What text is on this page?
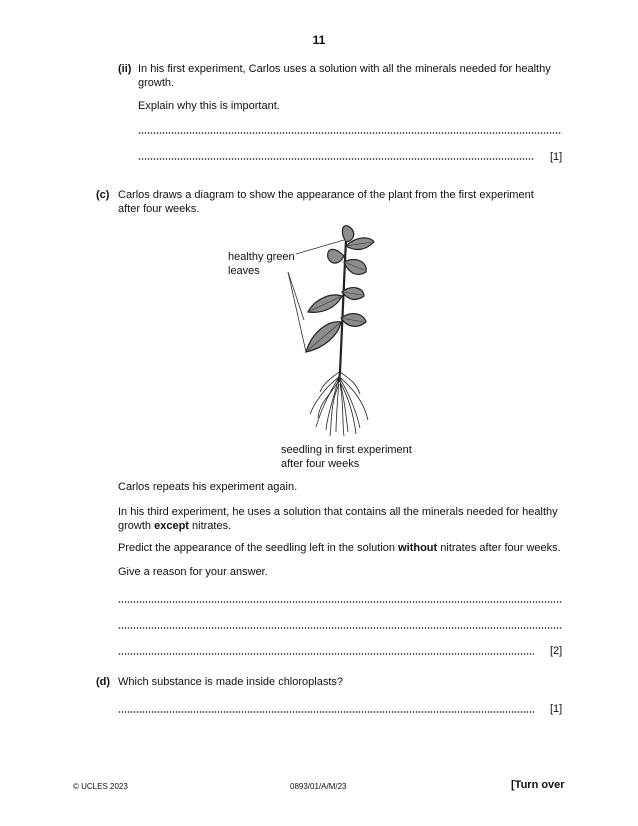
11
(ii) In his first experiment, Carlos uses a solution with all the minerals needed for healthy growth.
Explain why this is important.
[1]
(c) Carlos draws a diagram to show the appearance of the plant from the first experiment after four weeks.
healthy green leaves
seedling in first experiment
after four weeks
Carlos repeats his experiment again.
In his third experiment, he uses a solution that contains all the minerals needed for healthy growth except nitrates.
Predict the appearance of the seedling left in the solution without nitrates after four weeks.
Give a reason for your answer.
[2]
(d) Which substance is made inside chloroplasts?
[1]
© UCLES 2023	0893/01/A/M/23	[Turn over
